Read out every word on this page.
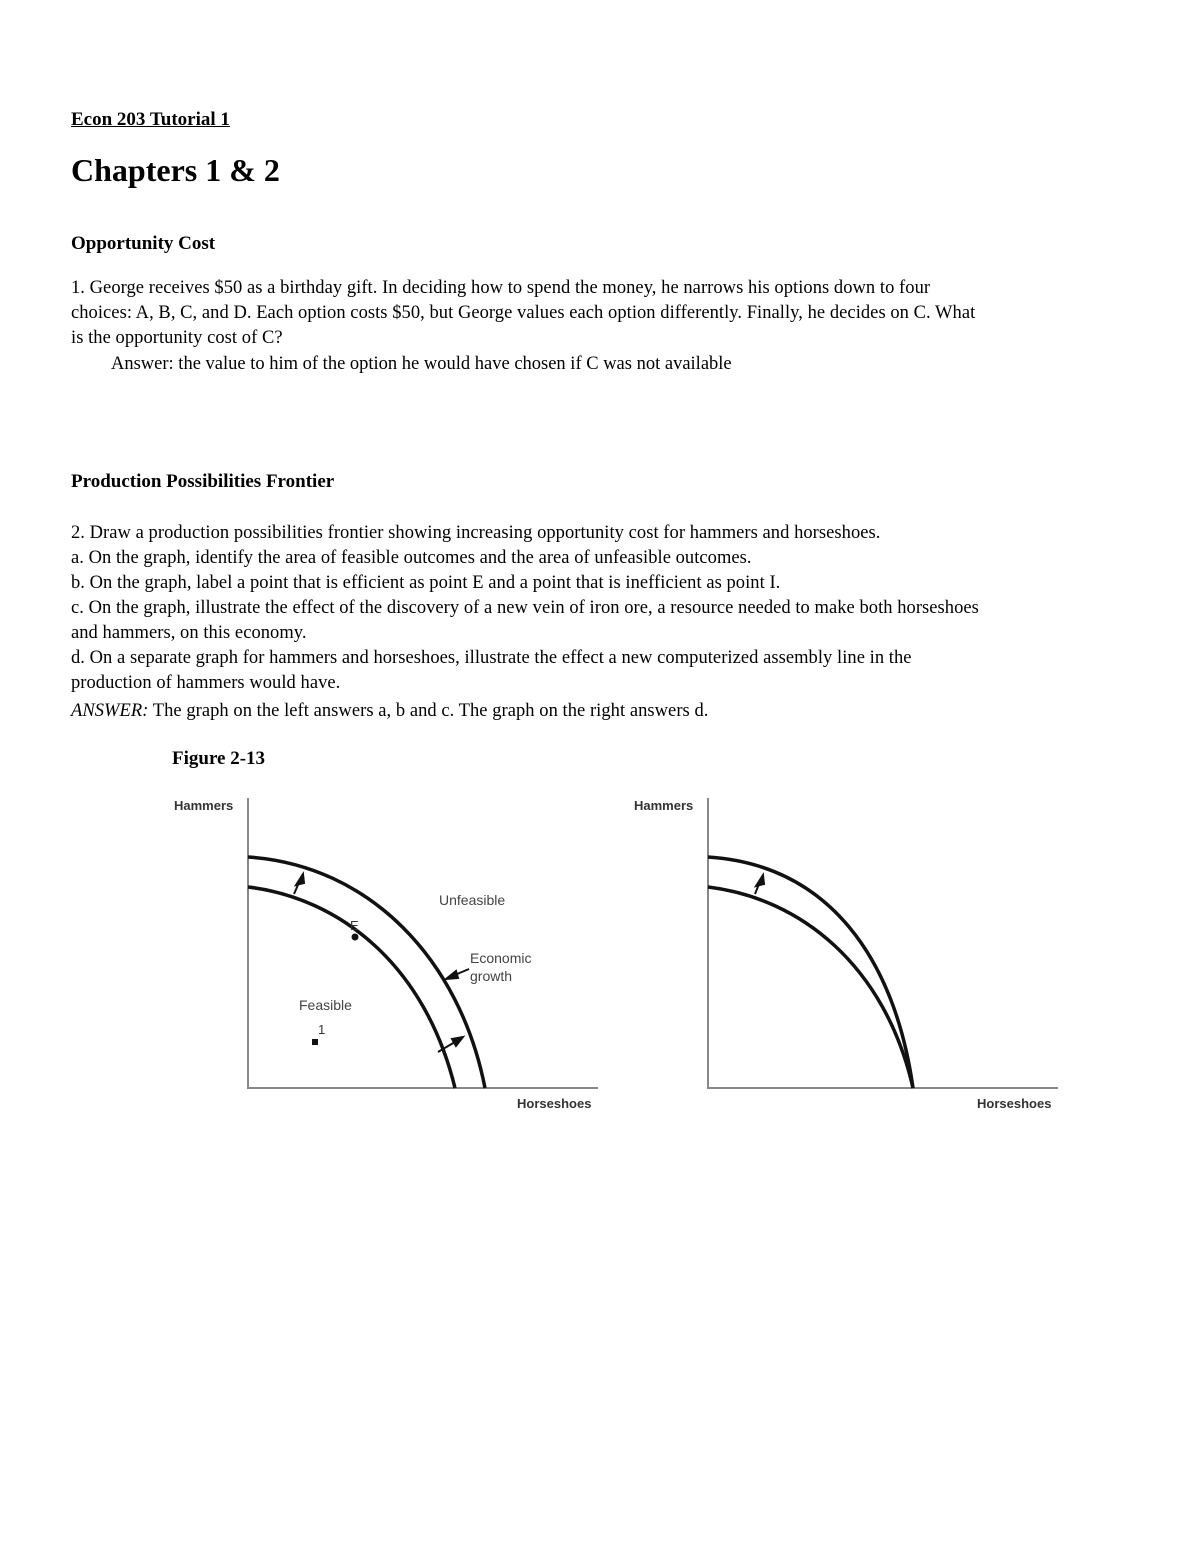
Econ 203 Tutorial 1
Chapters 1 & 2
Opportunity Cost
1. George receives $50 as a birthday gift. In deciding how to spend the money, he narrows his options down to four
choices: A, B, C, and D. Each option costs $50, but George values each option differently. Finally, he decides on C. What
is the opportunity cost of C?
Answer: the value to him of the option he would have chosen if C was not available
Production Possibilities Frontier
2. Draw a production possibilities frontier showing increasing opportunity cost for hammers and horseshoes.
a. On the graph, identify the area of feasible outcomes and the area of unfeasible outcomes.
b. On the graph, label a point that is efficient as point E and a point that is inefficient as point I.
c. On the graph, illustrate the effect of the discovery of a new vein of iron ore, a resource needed to make both horseshoes
and hammers, on this economy.
d. On a separate graph for hammers and horseshoes, illustrate the effect a new computerized assembly line in the
production of hammers would have.
ANSWER: The graph on the left answers a, b and c. The graph on the right answers d.
Figure 2-13
Hammers
Horseshoes
E
1
Unfeasible
Feasible
Economic
growth
Hammers
Horseshoes
